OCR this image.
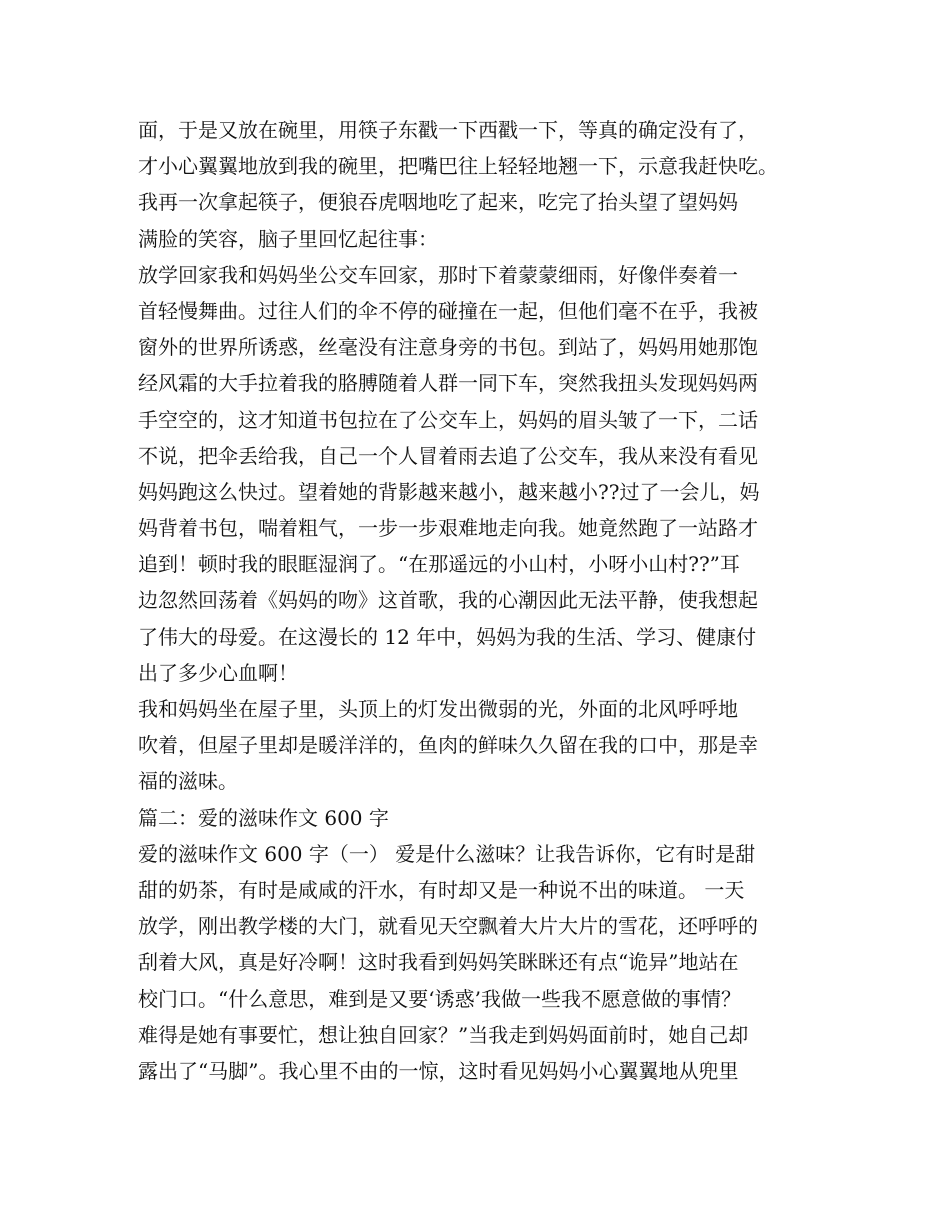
面，于是又放在碗里，用筷子东戳一下西戳一下，等真的确定没有了，
才小心翼翼地放到我的碗里，把嘴巴往上轻轻地翘一下，示意我赶快吃。
我再一次拿起筷子，便狼吞虎咽地吃了起来，吃完了抬头望了望妈妈
满脸的笑容，脑子里回忆起往事：
放学回家我和妈妈坐公交车回家，那时下着蒙蒙细雨，好像伴奏着一
首轻慢舞曲。过往人们的伞不停的碰撞在一起，但他们毫不在乎，我被
窗外的世界所诱惑，丝毫没有注意身旁的书包。到站了，妈妈用她那饱
经风霜的大手拉着我的胳膊随着人群一同下车，突然我扭头发现妈妈两
手空空的，这才知道书包拉在了公交车上，妈妈的眉头皱了一下，二话
不说，把伞丢给我，自己一个人冒着雨去追了公交车，我从来没有看见
妈妈跑这么快过。望着她的背影越来越小，越来越小??过了一会儿，妈
妈背着书包，喘着粗气，一步一步艰难地走向我。她竟然跑了一站路才
追到！顿时我的眼眶湿润了。“在那遥远的小山村，小呀小山村??”耳
边忽然回荡着《妈妈的吻》这首歌，我的心潮因此无法平静，使我想起
了伟大的母爱。在这漫长的 12 年中，妈妈为我的生活、学习、健康付
出了多少心血啊！
我和妈妈坐在屋子里，头顶上的灯发出微弱的光，外面的北风呼呼地
吹着，但屋子里却是暖洋洋的，鱼肉的鲜味久久留在我的口中，那是幸
福的滋味。
篇二：爱的滋味作文 600 字
爱的滋味作文 600 字（一） 爱是什么滋味？让我告诉你，它有时是甜
甜的奶茶，有时是咸咸的汗水，有时却又是一种说不出的味道。 一天
放学，刚出教学楼的大门，就看见天空飘着大片大片的雪花，还呼呼的
刮着大风，真是好冷啊！这时我看到妈妈笑眯眯还有点“诡异”地站在
校门口。“什么意思，难到是又要‘诱惑’我做一些我不愿意做的事情？
难得是她有事要忙，想让独自回家？”当我走到妈妈面前时，她自己却
露出了“马脚”。我心里不由的一惊，这时看见妈妈小心翼翼地从兜里
